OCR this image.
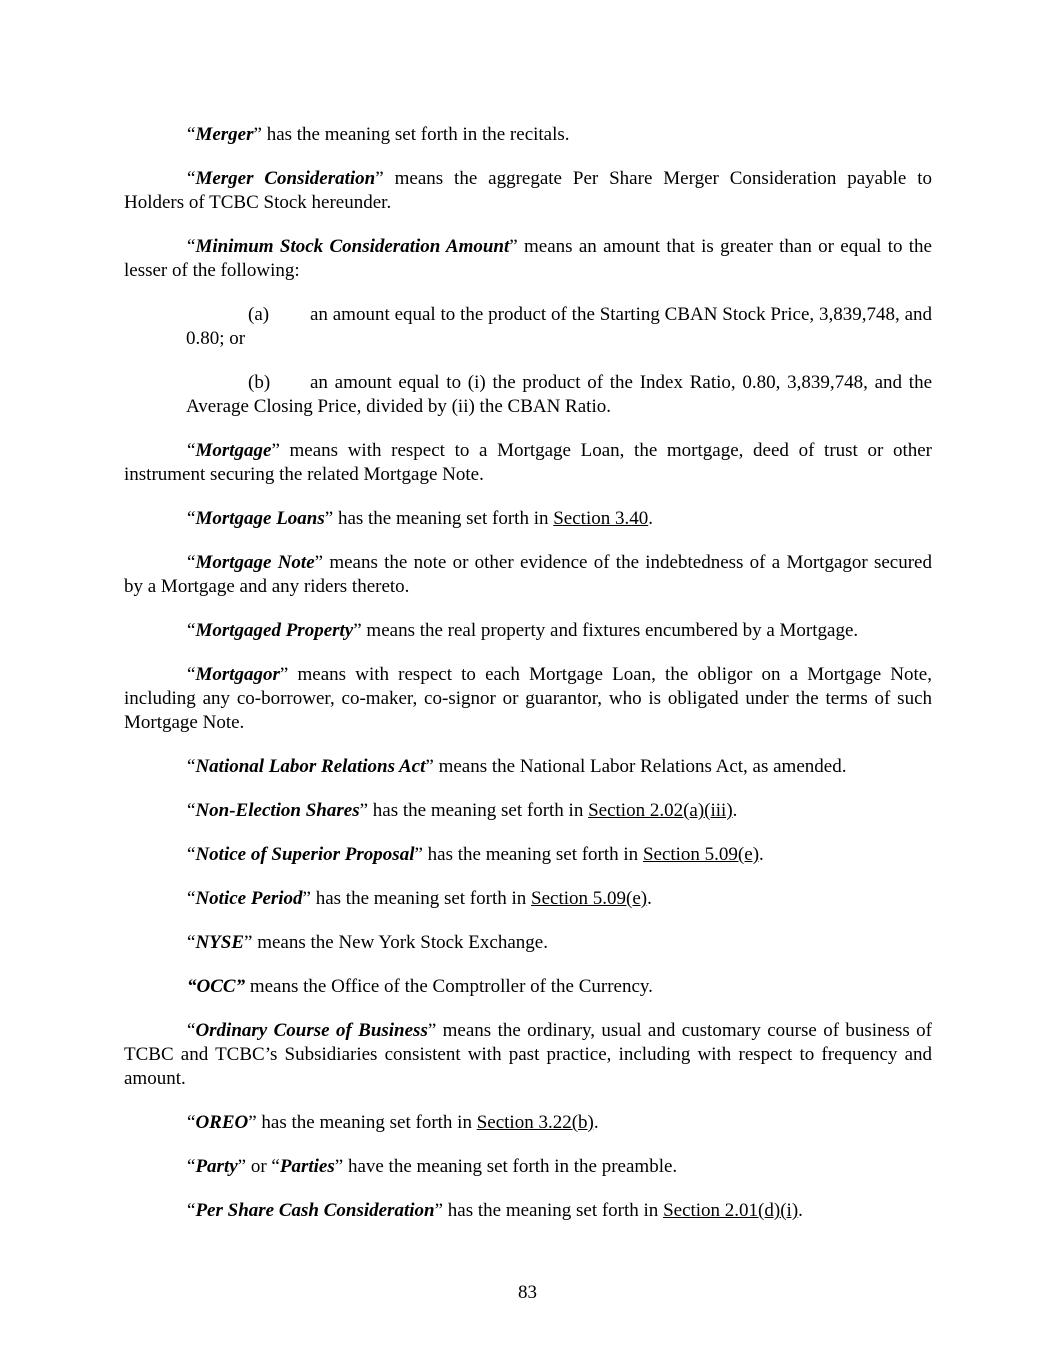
“Merger” has the meaning set forth in the recitals.

“Merger Consideration” means the aggregate Per Share Merger Consideration payable to Holders of TCBC Stock hereunder.

“Minimum Stock Consideration Amount” means an amount that is greater than or equal to the lesser of the following:

(a) an amount equal to the product of the Starting CBAN Stock Price, 3,839,748, and 0.80; or

(b) an amount equal to (i) the product of the Index Ratio, 0.80, 3,839,748, and the Average Closing Price, divided by (ii) the CBAN Ratio.

“Mortgage” means with respect to a Mortgage Loan, the mortgage, deed of trust or other instrument securing the related Mortgage Note.

“Mortgage Loans” has the meaning set forth in Section 3.40.

“Mortgage Note” means the note or other evidence of the indebtedness of a Mortgagor secured by a Mortgage and any riders thereto.

“Mortgaged Property” means the real property and fixtures encumbered by a Mortgage.

“Mortgagor” means with respect to each Mortgage Loan, the obligor on a Mortgage Note, including any co-borrower, co-maker, co-signor or guarantor, who is obligated under the terms of such Mortgage Note.

“National Labor Relations Act” means the National Labor Relations Act, as amended.

“Non-Election Shares” has the meaning set forth in Section 2.02(a)(iii).

“Notice of Superior Proposal” has the meaning set forth in Section 5.09(e).

“Notice Period” has the meaning set forth in Section 5.09(e).

“NYSE” means the New York Stock Exchange.

“OCC” means the Office of the Comptroller of the Currency.

“Ordinary Course of Business” means the ordinary, usual and customary course of business of TCBC and TCBC’s Subsidiaries consistent with past practice, including with respect to frequency and amount.

“OREO” has the meaning set forth in Section 3.22(b).

“Party” or “Parties” have the meaning set forth in the preamble.

“Per Share Cash Consideration” has the meaning set forth in Section 2.01(d)(i).

83
